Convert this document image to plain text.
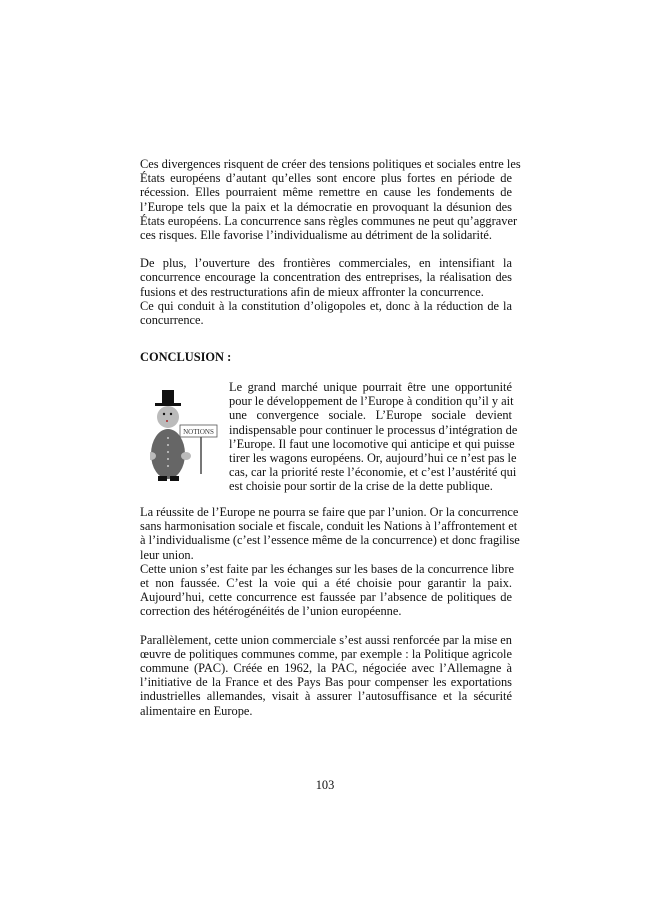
Ces divergences risquent de créer des tensions politiques et sociales entre les
États européens d’autant qu’elles sont encore plus fortes en période de
récession. Elles pourraient même remettre en cause les fondements de
l’Europe tels que la paix et la démocratie en provoquant la désunion des
États européens. La concurrence sans règles communes ne peut qu’aggraver
ces risques. Elle favorise l’individualisme au détriment de la solidarité.
De plus, l’ouverture des frontières commerciales, en intensifiant la
concurrence encourage la concentration des entreprises, la réalisation des
fusions et des restructurations afin de mieux affronter la concurrence.
Ce qui conduit à la constitution d’oligopoles et, donc à la réduction de la
concurrence.
CONCLUSION :
NOTIONS
Le grand marché unique pourrait être une opportunité
pour le développement de l’Europe à condition qu’il y ait
une convergence sociale. L’Europe sociale devient
indispensable pour continuer le processus d’intégration de
l’Europe. Il faut une locomotive qui anticipe et qui puisse
tirer les wagons européens. Or, aujourd’hui ce n’est pas le
cas, car la priorité reste l’économie, et c’est l’austérité qui
est choisie pour sortir de la crise de la dette publique.
La réussite de l’Europe ne pourra se faire que par l’union. Or la concurrence
sans harmonisation sociale et fiscale, conduit les Nations à l’affrontement et
à l’individualisme (c’est l’essence même de la concurrence) et donc fragilise
leur union.
Cette union s’est faite par les échanges sur les bases de la concurrence libre
et non faussée. C’est la voie qui a été choisie pour garantir la paix.
Aujourd’hui, cette concurrence est faussée par l’absence de politiques de
correction des hétérogénéités de l’union européenne.
Parallèlement, cette union commerciale s’est aussi renforcée par la mise en
œuvre de politiques communes comme, par exemple : la Politique agricole
commune (PAC). Créée en 1962, la PAC, négociée avec l’Allemagne à
l’initiative de la France et des Pays Bas pour compenser les exportations
industrielles allemandes, visait à assurer l’autosuffisance et la sécurité
alimentaire en Europe.
103
